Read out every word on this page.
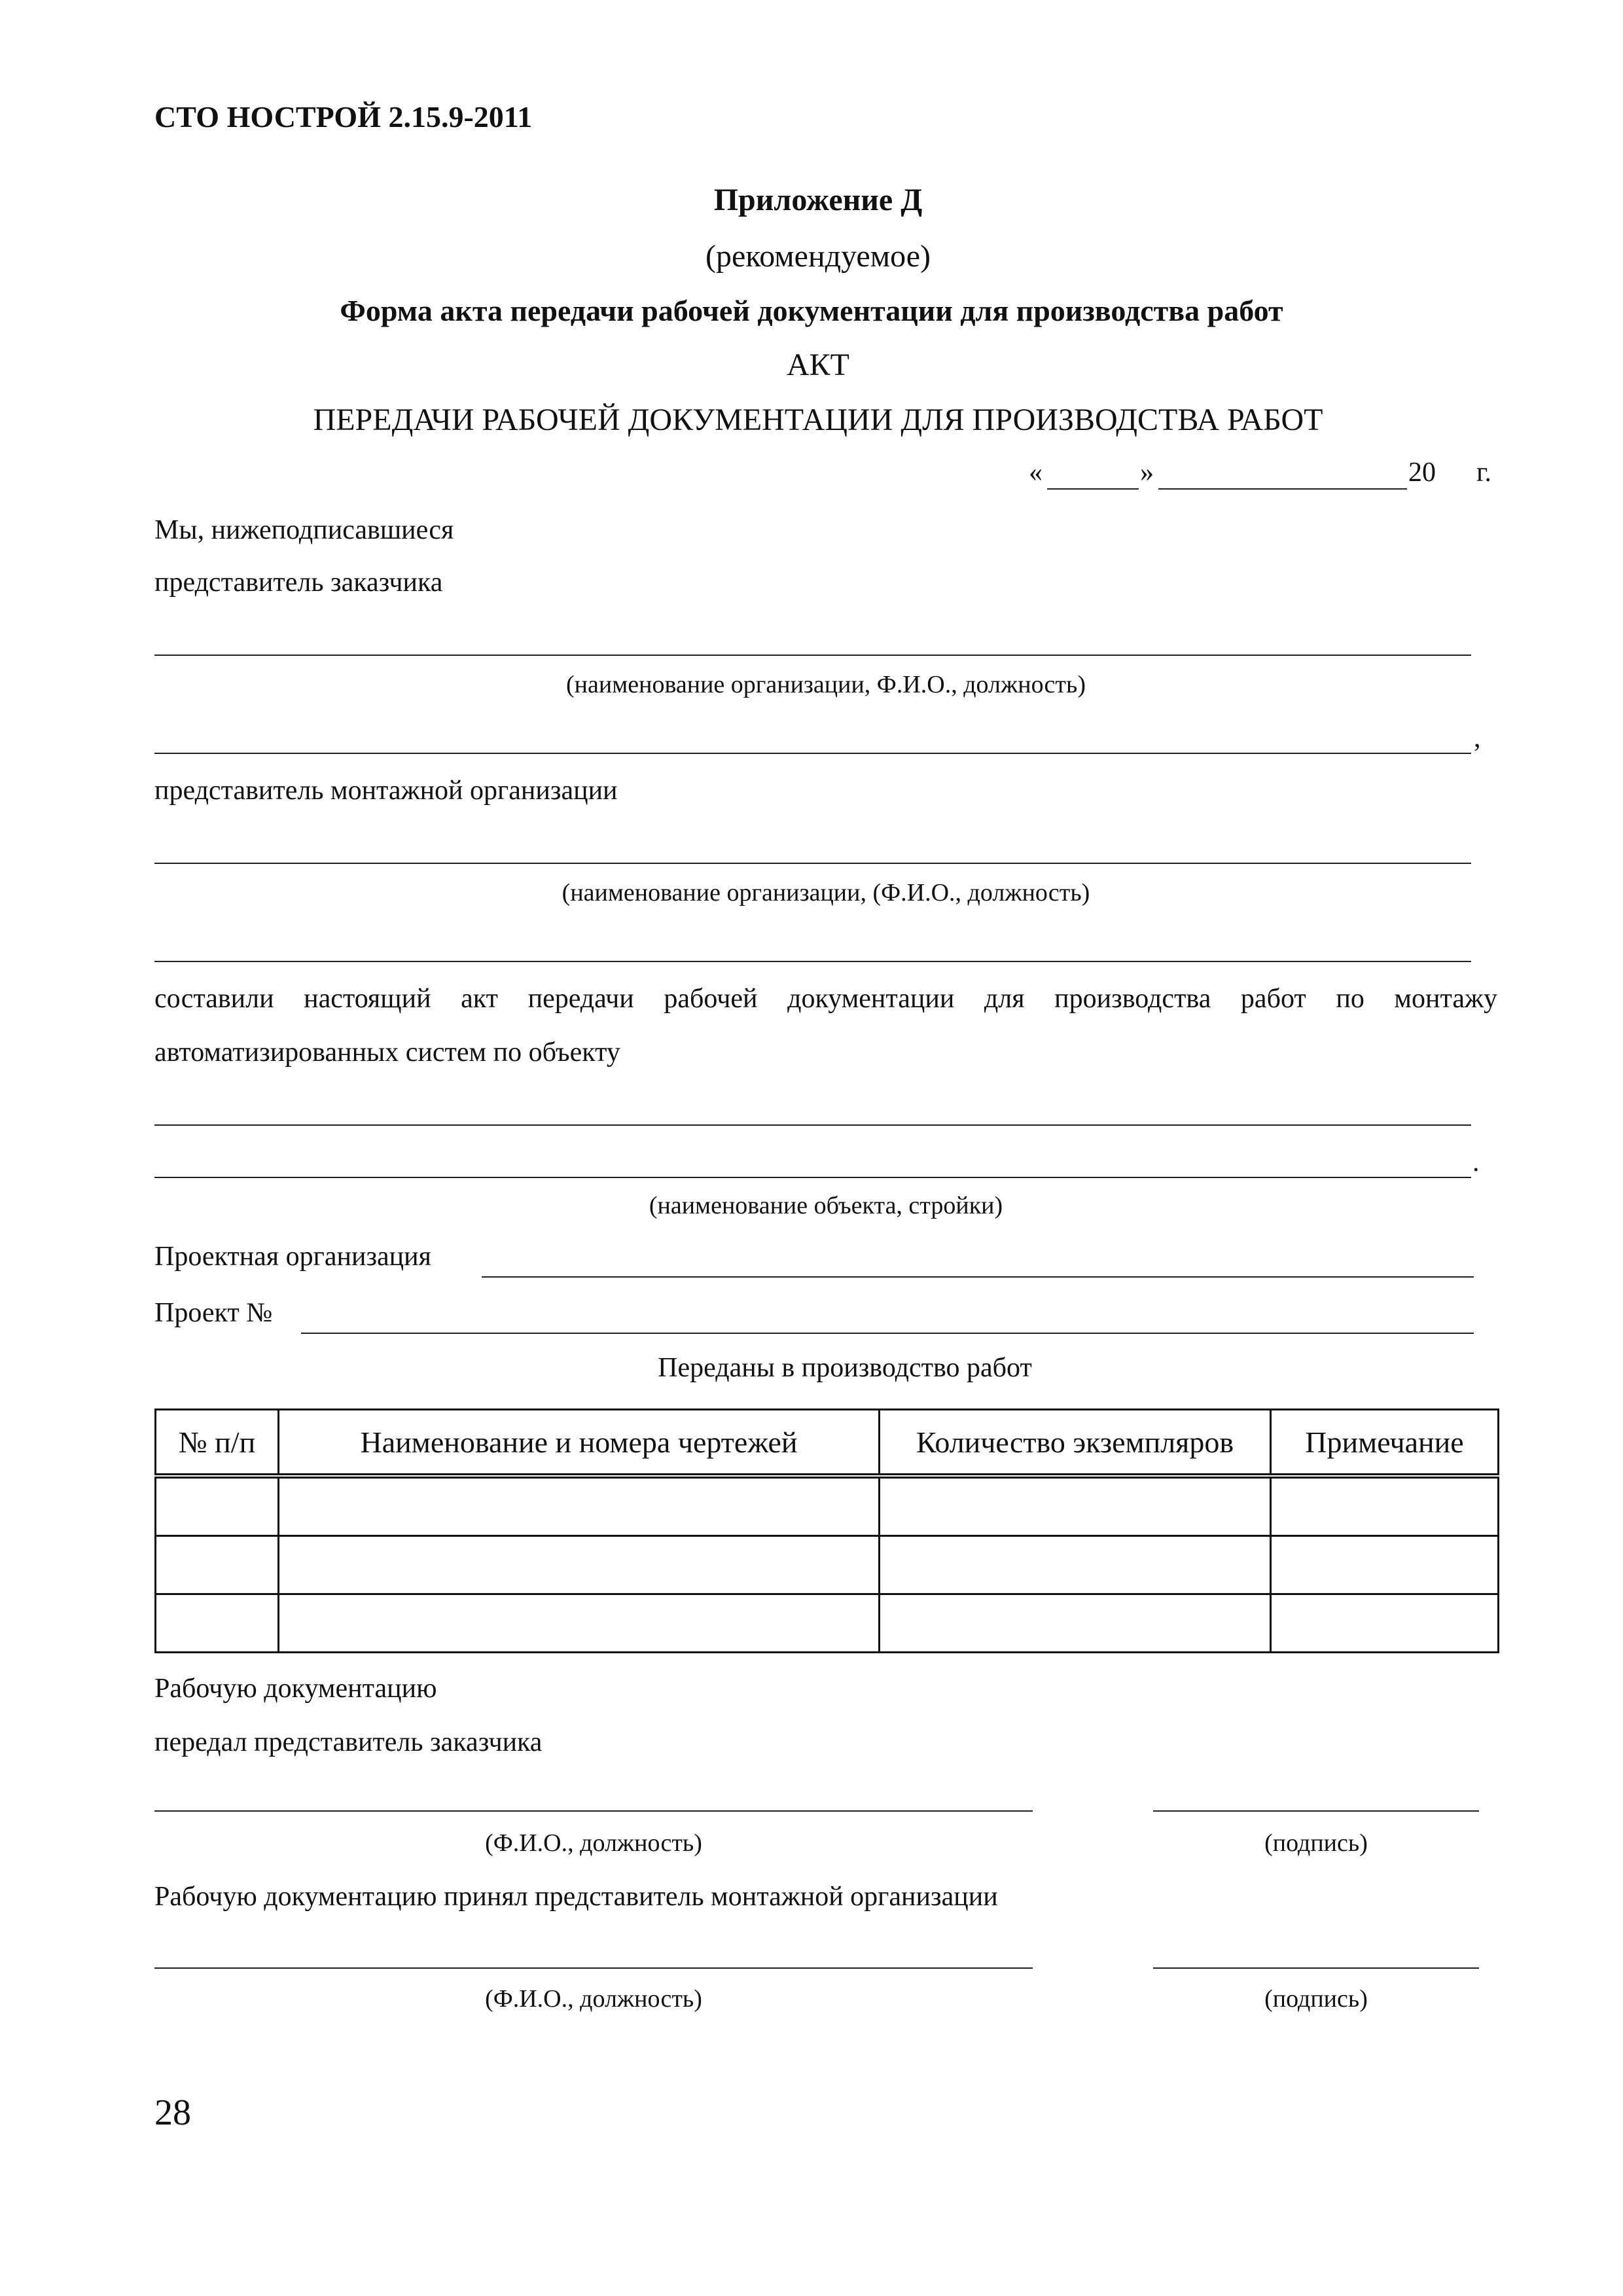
СТО НОСТРОЙ 2.15.9-2011
Приложение Д
(рекомендуемое)
Форма акта передачи рабочей документации для производства работ
АКТ
ПЕРЕДАЧИ РАБОЧЕЙ ДОКУМЕНТАЦИИ ДЛЯ ПРОИЗВОДСТВА РАБОТ
«	»	20 г.
Мы, нижеподписавшиеся
представитель заказчика
(наименование организации, Ф.И.О., должность)
,
представитель монтажной организации
(наименование организации, (Ф.И.О., должность)
составили настоящий акт передачи рабочей документации для производства работ по монтажу
автоматизированных систем по объекту
.
(наименование объекта, стройки)
Проектная организация
Проект №
Переданы в производство работ
№ п/п	Наименование и номера чертежей	Количество экземпляров	Примечание

Рабочую документацию
передал представитель заказчика
(Ф.И.О., должность)	(подпись)
Рабочую документацию принял представитель монтажной организации
(Ф.И.О., должность)	(подпись)
28
